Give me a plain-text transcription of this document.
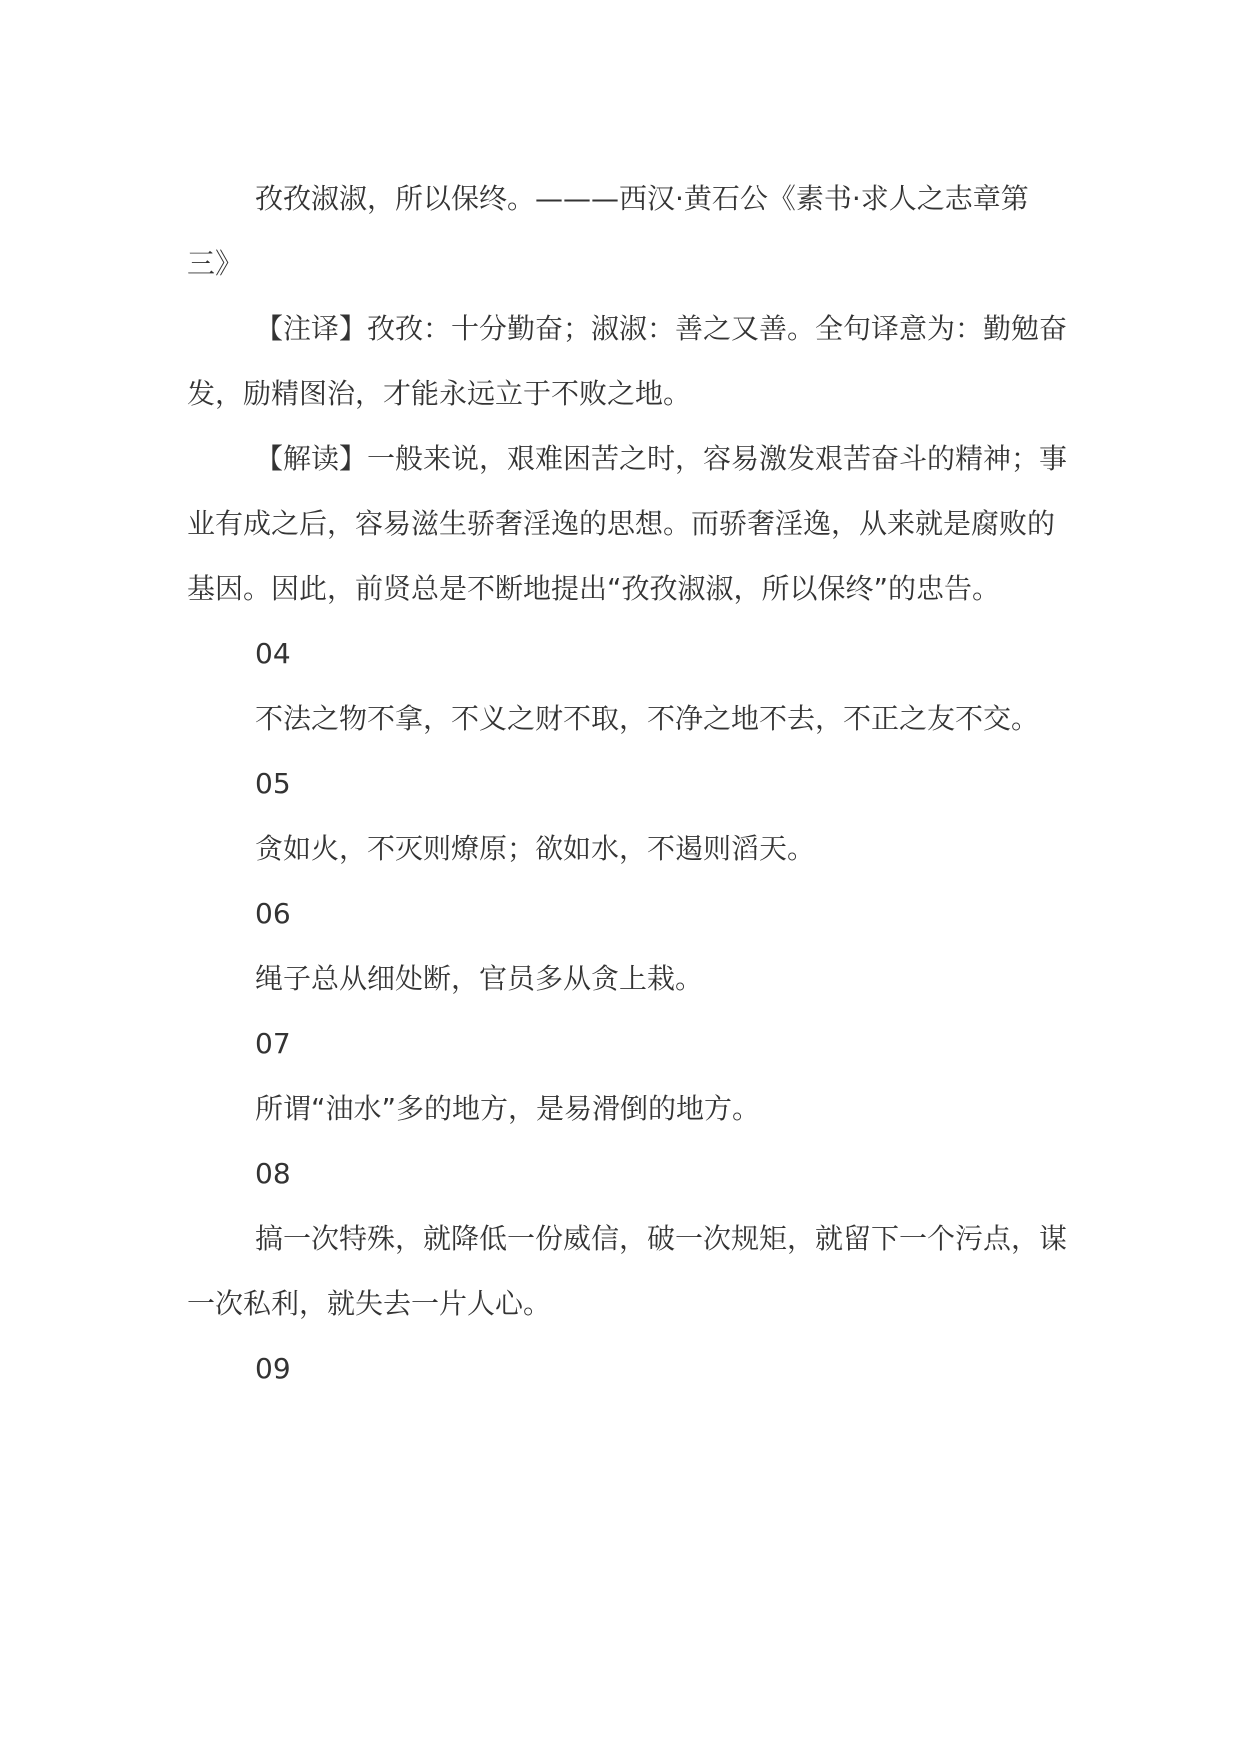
孜孜淑淑，所以保终。———西汉·黄石公《素书·求人之志章第三》

【注译】孜孜：十分勤奋；淑淑：善之又善。全句译意为：勤勉奋发，励精图治，才能永远立于不败之地。

【解读】一般来说，艰难困苦之时，容易激发艰苦奋斗的精神；事业有成之后，容易滋生骄奢淫逸的思想。而骄奢淫逸，从来就是腐败的基因。因此，前贤总是不断地提出“孜孜淑淑，所以保终”的忠告。

04

不法之物不拿，不义之财不取，不净之地不去，不正之友不交。

05

贪如火，不灭则燎原；欲如水，不遏则滔天。

06

绳子总从细处断，官员多从贪上栽。

07

所谓“油水”多的地方，是易滑倒的地方。

08

搞一次特殊，就降低一份威信，破一次规矩，就留下一个污点，谋一次私利，就失去一片人心。

09
